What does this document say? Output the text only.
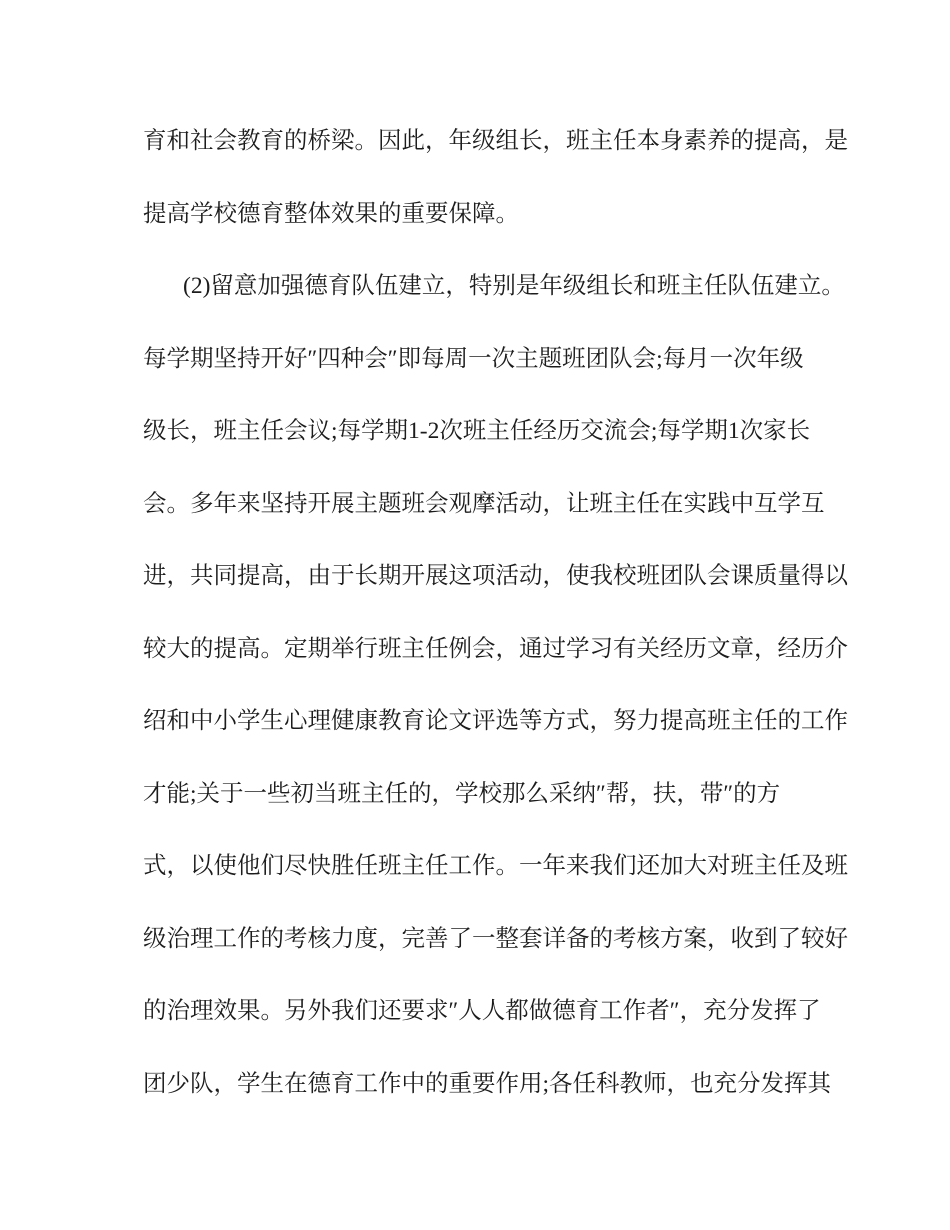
育和社会教育的桥梁。因此，年级组长，班主任本身素养的提高，是
提高学校德育整体效果的重要保障。
(2)留意加强德育队伍建立，特别是年级组长和班主任队伍建立。
每学期坚持开好″四种会″即每周一次主题班团队会;每月一次年级
级长，班主任会议;每学期1-2次班主任经历交流会;每学期1次家长
会。多年来坚持开展主题班会观摩活动，让班主任在实践中互学互
进，共同提高，由于长期开展这项活动，使我校班团队会课质量得以
较大的提高。定期举行班主任例会，通过学习有关经历文章，经历介
绍和中小学生心理健康教育论文评选等方式，努力提高班主任的工作
才能;关于一些初当班主任的，学校那么采纳″帮，扶，带″的方
式，以使他们尽快胜任班主任工作。一年来我们还加大对班主任及班
级治理工作的考核力度，完善了一整套详备的考核方案，收到了较好
的治理效果。另外我们还要求″人人都做德育工作者″，充分发挥了
团少队，学生在德育工作中的重要作用;各任科教师，也充分发挥其
